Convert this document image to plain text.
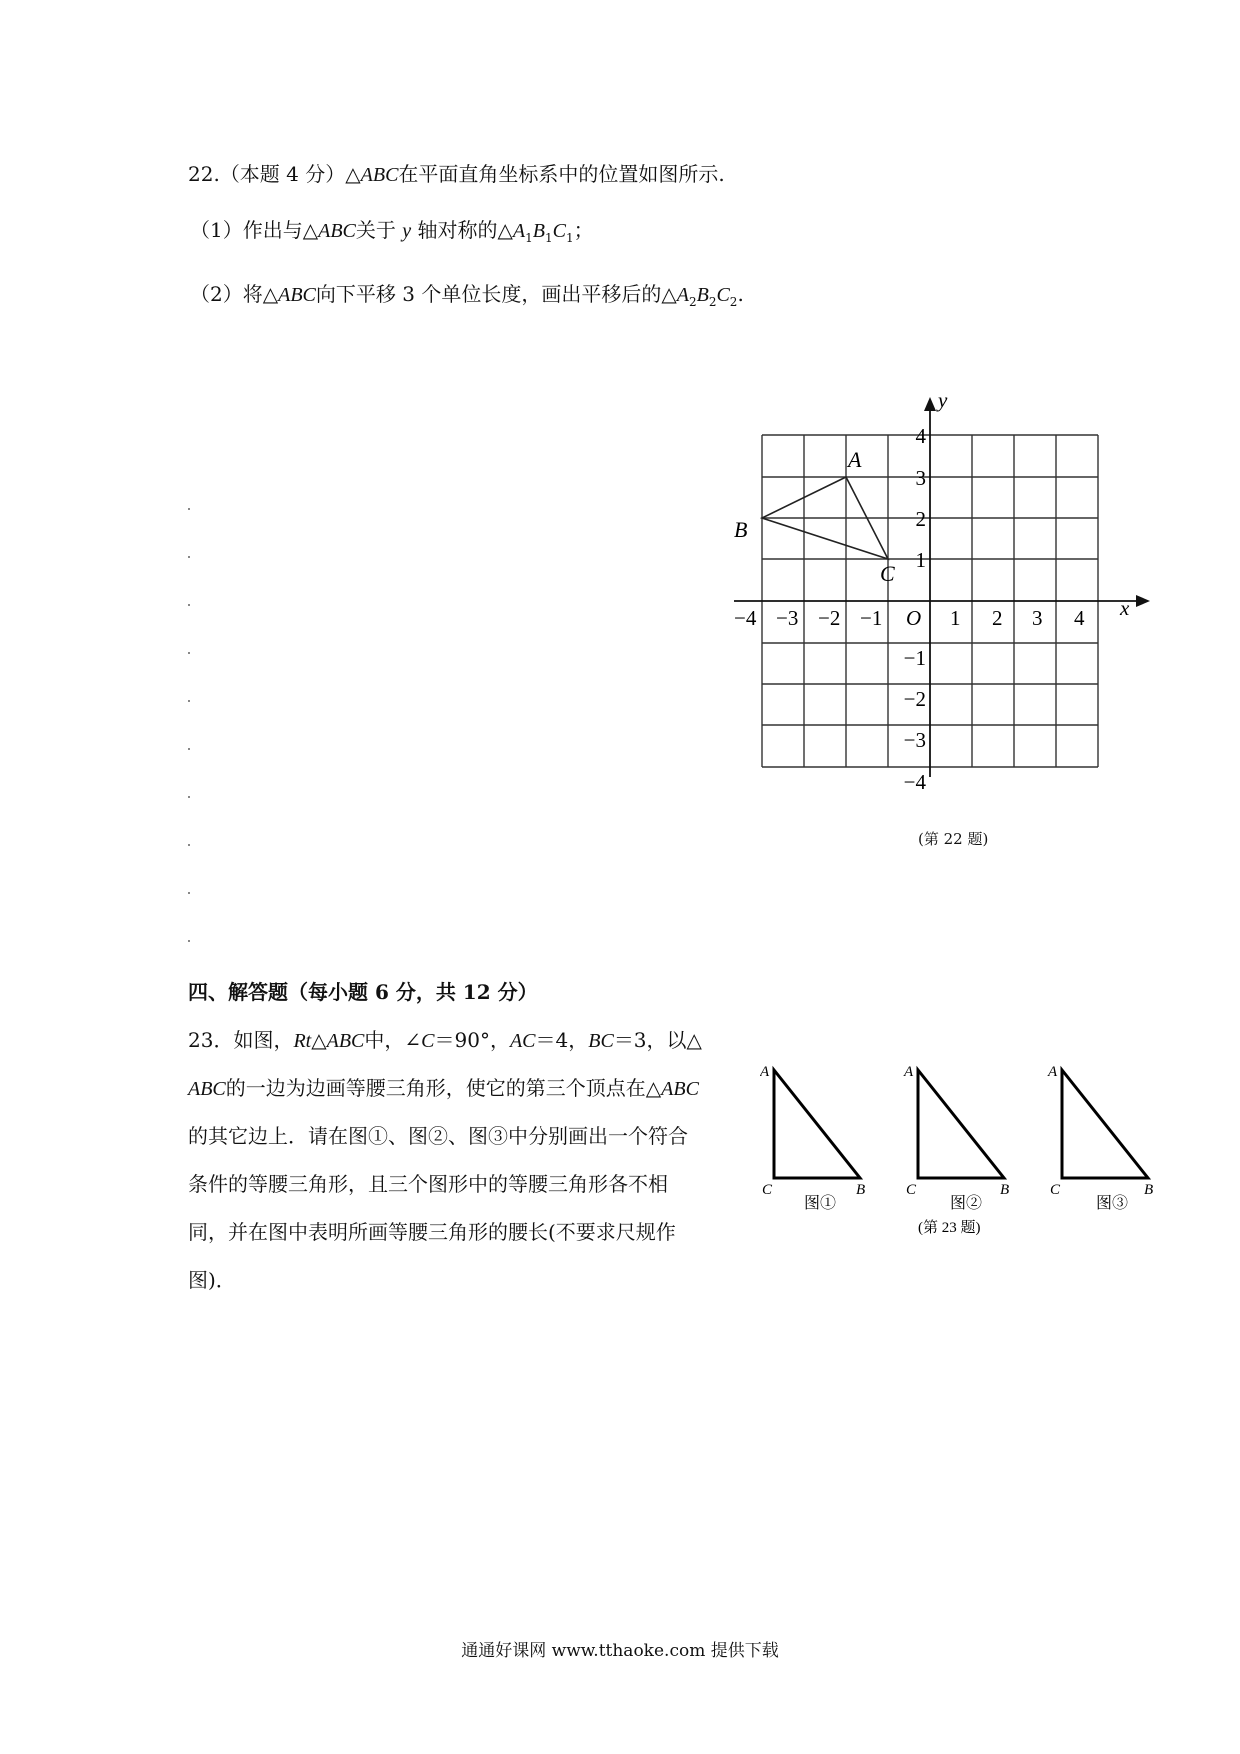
22.（本题 4 分）△ABC在平面直角坐标系中的位置如图所示.
（1）作出与△ABC关于 y 轴对称的$\triangle A_1B_1C_1$；
（2）将△ABC向下平移 3 个单位长度，画出平移后的$\triangle A_2B_2C_2$.
x
y
O
−4 −3 −2 −1	1 2 3 4
4
3
2
1
−1
−2
−3
−4
A
B
C
(第 22 题)
四、解答题（每小题 6 分，共 12 分）
23．如图，Rt△ABC中，∠C＝90°，AC＝4，BC＝3，以△
ABC的一边为边画等腰三角形，使它的第三个顶点在△ABC
的其它边上．请在图①、图②、图③中分别画出一个符合
条件的等腰三角形，且三个图形中的等腰三角形各不相
同，并在图中表明所画等腰三角形的腰长(不要求尺规作
图)．
A
C	B
图①
A
C	B
图②
A
C	B
图③
(第 23 题)
通通好课网 www.tthaoke.com 提供下载
